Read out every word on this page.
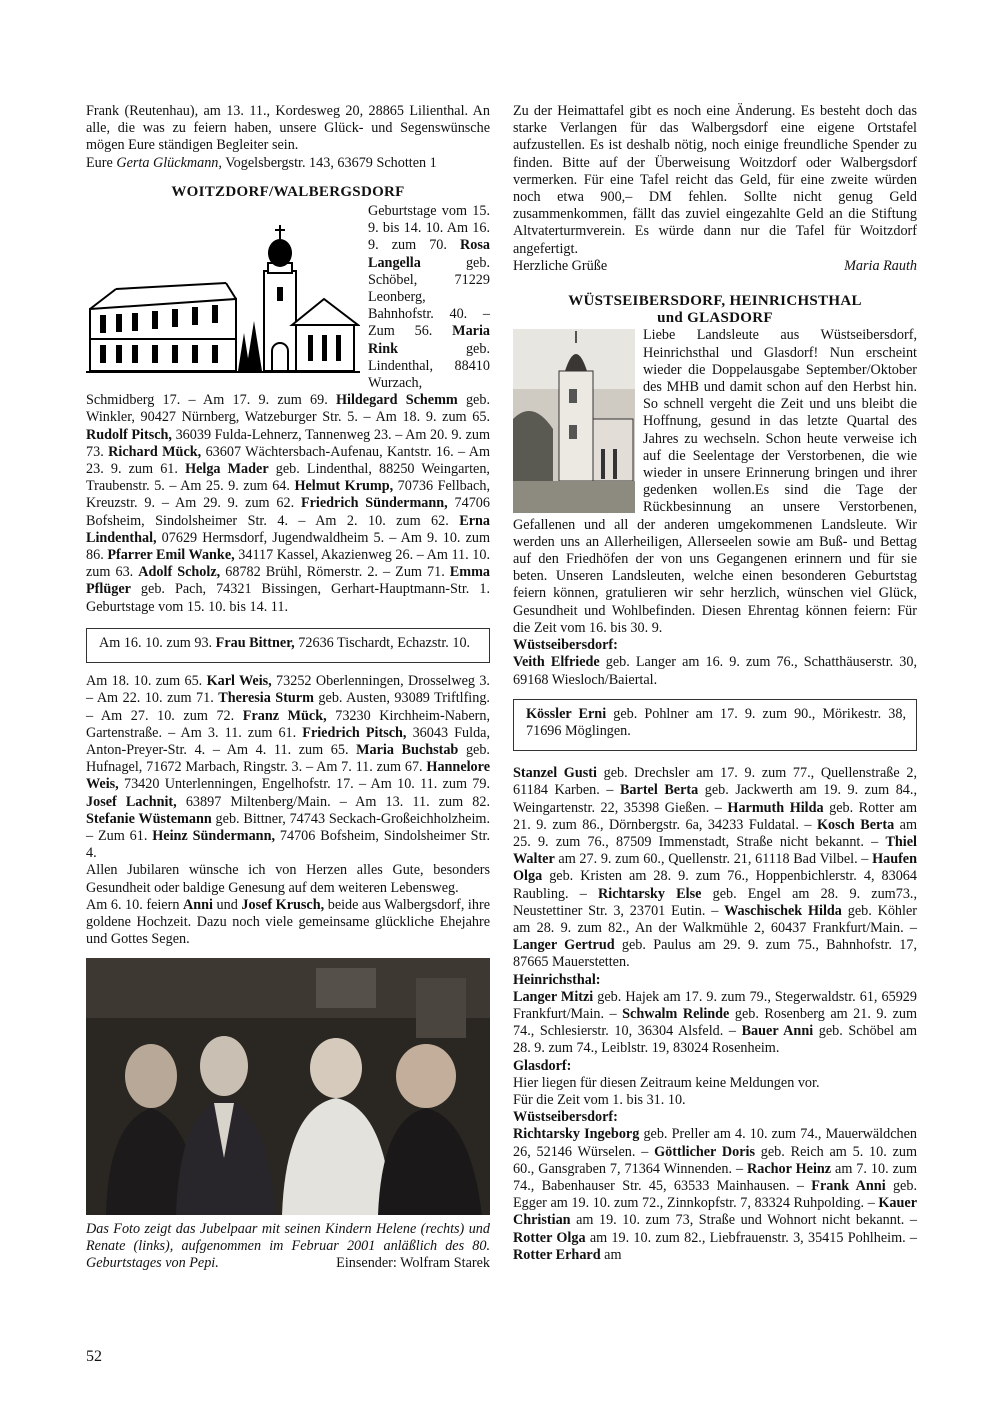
Frank (Reutenhau), am 13. 11., Kordesweg 20, 28865 Lilienthal. An alle, die was zu feiern haben, unsere Glück- und Segenswünsche mögen Eure ständigen Begleiter sein.

Eure Gerta Glückmann, Vogelsbergstr. 143, 63679 Schotten 1

WOITZDORF/WALBERGSDORF

Geburtstage vom 15. 9. bis 14. 10. Am 16. 9. zum 70. Rosa Langella geb. Schöbel, 71229 Leonberg, Bahnhofstr. 40. – Zum 56. Maria Rink geb. Lindenthal, 88410 Wurzach, Schmidberg 17. – Am 17. 9. zum 69. Hildegard Schemm geb. Winkler, 90427 Nürnberg, Watzeburger Str. 5. – Am 18. 9. zum 65. Rudolf Pitsch, 36039 Fulda-Lehnerz, Tannenweg 23. – Am 20. 9. zum 73. Richard Mück, 63607 Wächtersbach-Aufenau, Kantstr. 16. – Am 23. 9. zum 61. Helga Mader geb. Lindenthal, 88250 Weingarten, Traubenstr. 5. – Am 25. 9. zum 64. Helmut Krump, 70736 Fellbach, Kreuzstr. 9. – Am 29. 9. zum 62. Friedrich Sündermann, 74706 Bofsheim, Sindolsheimer Str. 4. – Am 2. 10. zum 62. Erna Lindenthal, 07629 Hermsdorf, Jugendwaldheim 5. – Am 9. 10. zum 86. Pfarrer Emil Wanke, 34117 Kassel, Akazienweg 26. – Am 11. 10. zum 63. Adolf Scholz, 68782 Brühl, Römerstr. 2. – Zum 71. Emma Pflüger geb. Pach, 74321 Bissingen, Gerhart-Hauptmann-Str. 1. Geburtstage vom 15. 10. bis 14. 11.

Am 16. 10. zum 93. Frau Bittner, 72636 Tischardt, Echazstr. 10.

Am 18. 10. zum 65. Karl Weis, 73252 Oberlenningen, Drosselweg 3. – Am 22. 10. zum 71. Theresia Sturm geb. Austen, 93089 Triftlfing. – Am 27. 10. zum 72. Franz Mück, 73230 Kirchheim-Nabern, Gartenstraße. – Am 3. 11. zum 61. Friedrich Pitsch, 36043 Fulda, Anton-Preyer-Str. 4. – Am 4. 11. zum 65. Maria Buchstab geb. Hufnagel, 71672 Marbach, Ringstr. 3. – Am 7. 11. zum 67. Hannelore Weis, 73420 Unterlenningen, Engelhofstr. 17. – Am 10. 11. zum 79. Josef Lachnit, 63897 Miltenberg/Main. – Am 13. 11. zum 82. Stefanie Wüstemann geb. Bittner, 74743 Seckach-Großeichholzheim. – Zum 61. Heinz Sündermann, 74706 Bofsheim, Sindolsheimer Str. 4.

Allen Jubilaren wünsche ich von Herzen alles Gute, besonders Gesundheit oder baldige Genesung auf dem weiteren Lebensweg.

Am 6. 10. feiern Anni und Josef Krusch, beide aus Walbergsdorf, ihre goldene Hochzeit. Dazu noch viele gemeinsame glückliche Ehejahre und Gottes Segen.

Das Foto zeigt das Jubelpaar mit seinen Kindern Helene (rechts) und Renate (links), aufgenommen im Februar 2001 anläßlich des 80. Geburtstages von Pepi.	Einsender: Wolfram Starek

Zu der Heimattafel gibt es noch eine Änderung. Es besteht doch das starke Verlangen für das Walbergsdorf eine eigene Ortstafel aufzustellen. Es ist deshalb nötig, noch einige freundliche Spender zu finden. Bitte auf der Überweisung Woitzdorf oder Walbergsdorf vermerken. Für eine Tafel reicht das Geld, für eine zweite würden noch etwa 900,– DM fehlen. Sollte nicht genug Geld zusammenkommen, fällt das zuviel eingezahlte Geld an die Stiftung Altvaterturmverein. Es würde dann nur die Tafel für Woitzdorf angefertigt.

Herzliche Grüße	Maria Rauth

WÜSTSEIBERSDORF, HEINRICHSTHAL

und GLASDORF

Liebe Landsleute aus Wüstseibersdorf, Heinrichsthal und Glasdorf! Nun erscheint wieder die Doppelausgabe September/Oktober des MHB und damit schon auf den Herbst hin. So schnell vergeht die Zeit und uns bleibt die Hoffnung, gesund in das letzte Quartal des Jahres zu wechseln. Schon heute verweise ich auf die Seelentage der Verstorbenen, die wie wieder in unsere Erinnerung bringen und ihrer gedenken wollen.Es sind die Tage der Rückbesinnung an unsere Verstorbenen, Gefallenen und all der anderen umgekommenen Landsleute. Wir werden uns an Allerheiligen, Allerseelen sowie am Buß- und Bettag auf den Friedhöfen der von uns Gegangenen erinnern und für sie beten. Unseren Landsleuten, welche einen besonderen Geburtstag feiern können, gratulieren wir sehr herzlich, wünschen viel Glück, Gesundheit und Wohlbefinden. Diesen Ehrentag können feiern: Für die Zeit vom 16. bis 30. 9.

Wüstseibersdorf:

Veith Elfriede geb. Langer am 16. 9. zum 76., Schatthäuserstr. 30, 69168 Wiesloch/Baiertal.

Kössler Erni geb. Pohlner am 17. 9. zum 90., Mörikestr. 38, 71696 Möglingen.

Stanzel Gusti geb. Drechsler am 17. 9. zum 77., Quellenstraße 2, 61184 Karben. – Bartel Berta geb. Jackwerth am 19. 9. zum 84., Weingartenstr. 22, 35398 Gießen. – Harmuth Hilda geb. Rotter am 21. 9. zum 86., Dörnbergstr. 6a, 34233 Fuldatal. – Kosch Berta am 25. 9. zum 76., 87509 Immenstadt, Straße nicht bekannt. – Thiel Walter am 27. 9. zum 60., Quellenstr. 21, 61118 Bad Vilbel. – Haufen Olga geb. Kristen am 28. 9. zum 76., Hoppenbichlerstr. 4, 83064 Raubling. – Richtarsky Else geb. Engel am 28. 9. zum73., Neustettiner Str. 3, 23701 Eutin. – Waschischek Hilda geb. Köhler am 28. 9. zum 82., An der Walkmühle 2, 60437 Frankfurt/Main. – Langer Gertrud geb. Paulus am 29. 9. zum 75., Bahnhofstr. 17, 87665 Mauerstetten.

Heinrichsthal:

Langer Mitzi geb. Hajek am 17. 9. zum 79., Stegerwaldstr. 61, 65929 Frankfurt/Main. – Schwalm Relinde geb. Rosenberg am 21. 9. zum 74., Schlesierstr. 10, 36304 Alsfeld. – Bauer Anni geb. Schöbel am 28. 9. zum 74., Leiblstr. 19, 83024 Rosenheim.

Glasdorf:

Hier liegen für diesen Zeitraum keine Meldungen vor.

Für die Zeit vom 1. bis 31. 10.

Wüstseibersdorf:

Richtarsky Ingeborg geb. Preller am 4. 10. zum 74., Mauerwäldchen 26, 52146 Würselen. – Göttlicher Doris geb. Reich am 5. 10. zum 60., Gansgraben 7, 71364 Winnenden. – Rachor Heinz am 7. 10. zum 74., Babenhauser Str. 45, 63533 Mainhausen. – Frank Anni geb. Egger am 19. 10. zum 72., Zinnkopfstr. 7, 83324 Ruhpolding. – Kauer Christian am 19. 10. zum 73, Straße und Wohnort nicht bekannt. – Rotter Olga am 19. 10. zum 82., Liebfrauenstr. 3, 35415 Pohlheim. – Rotter Erhard am

52
